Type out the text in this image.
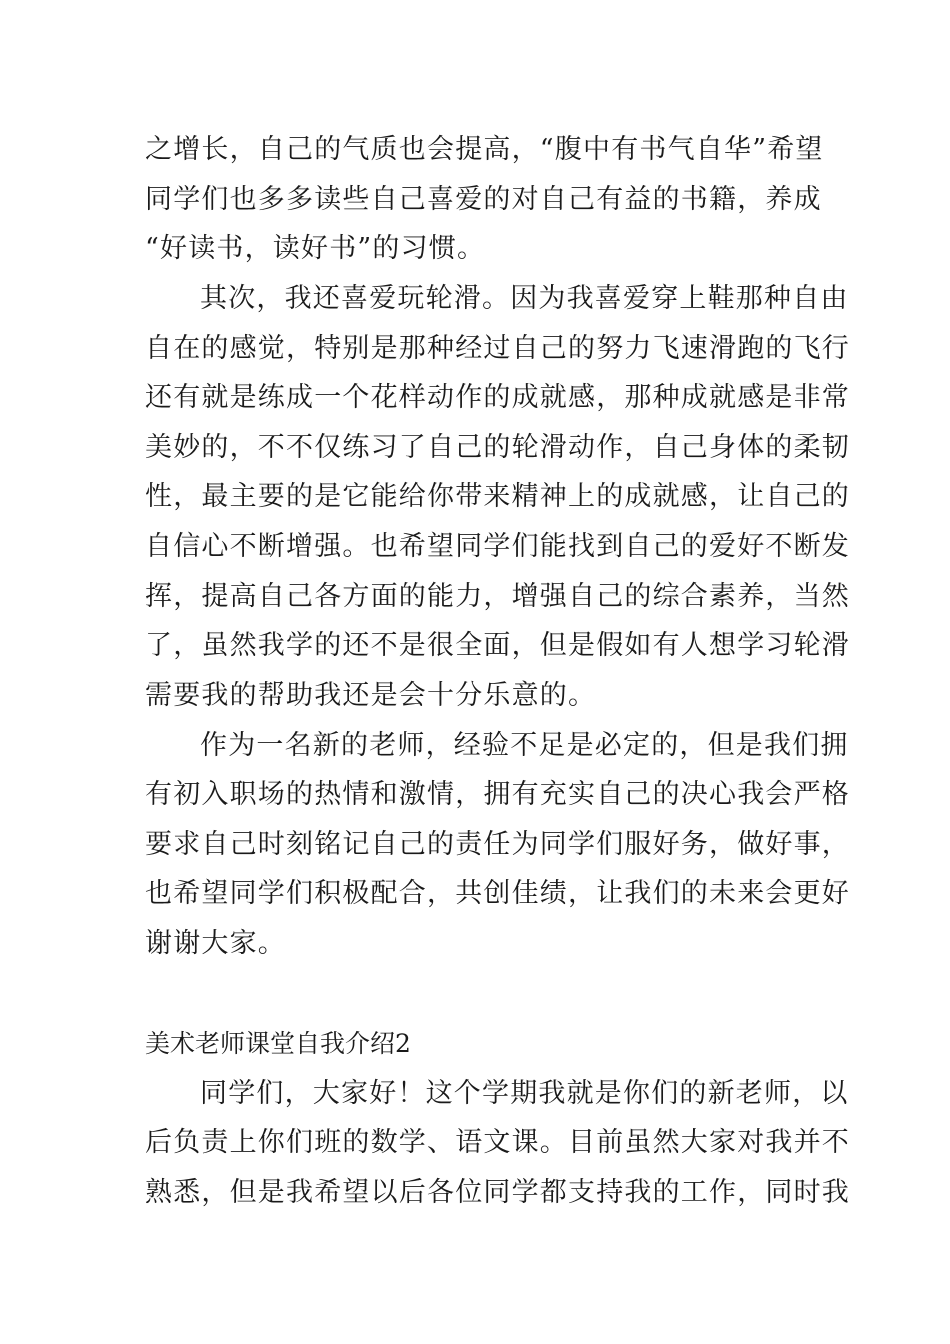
之增长，自己的气质也会提高，“腹中有书气自华”希望

同学们也多多读些自己喜爱的对自己有益的书籍，养成

“好读书，读好书”的习惯。

其次，我还喜爱玩轮滑。因为我喜爱穿上鞋那种自由

自在的感觉，特别是那种经过自己的努力飞速滑跑的飞行

还有就是练成一个花样动作的成就感，那种成就感是非常

美妙的，不不仅练习了自己的轮滑动作，自己身体的柔韧

性，最主要的是它能给你带来精神上的成就感，让自己的

自信心不断增强。也希望同学们能找到自己的爱好不断发

挥，提高自己各方面的能力，增强自己的综合素养，当然

了，虽然我学的还不是很全面，但是假如有人想学习轮滑

需要我的帮助我还是会十分乐意的。

作为一名新的老师，经验不足是必定的，但是我们拥

有初入职场的热情和激情，拥有充实自己的决心我会严格

要求自己时刻铭记自己的责任为同学们服好务，做好事，

也希望同学们积极配合，共创佳绩，让我们的未来会更好

谢谢大家。

美术老师课堂自我介绍2

同学们，大家好！这个学期我就是你们的新老师，以

后负责上你们班的数学、语文课。目前虽然大家对我并不

熟悉，但是我希望以后各位同学都支持我的工作，同时我
